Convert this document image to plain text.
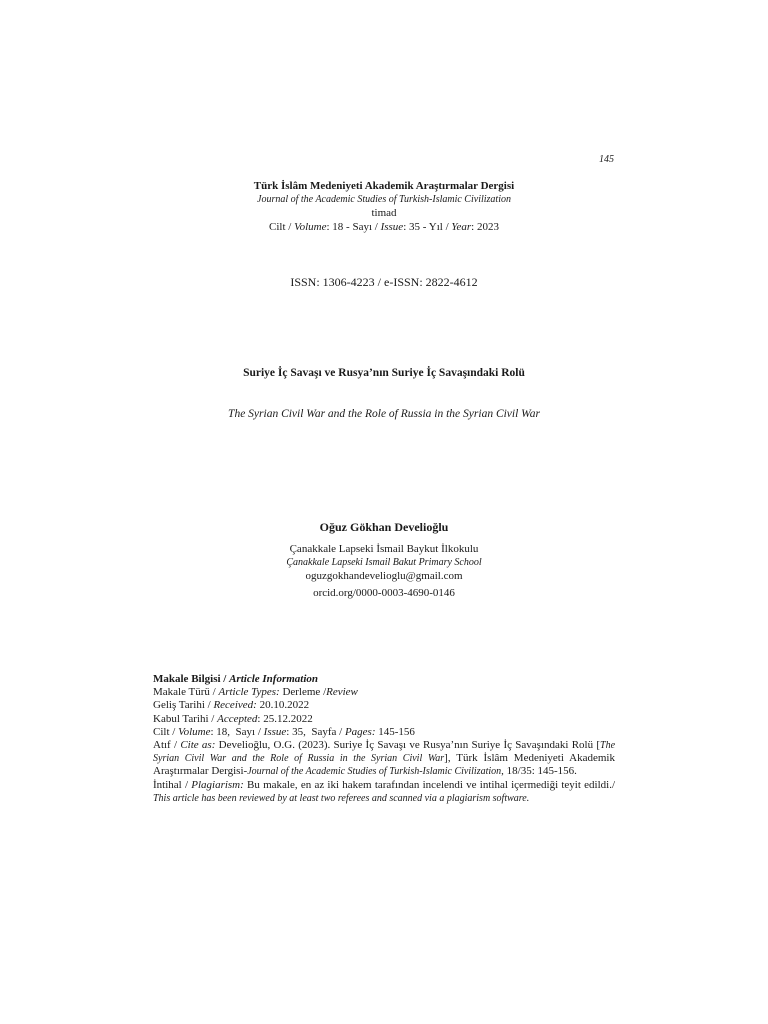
145
Türk İslâm Medeniyeti Akademik Araştırmalar Dergisi
Journal of the Academic Studies of Turkish-Islamic Civilization
timad
Cilt / Volume: 18 - Sayı / Issue: 35 - Yıl / Year: 2023
ISSN: 1306-4223 / e-ISSN: 2822-4612
Suriye İç Savaşı ve Rusya’nın Suriye İç Savaşındaki Rolü
The Syrian Civil War and the Role of Russia in the Syrian Civil War
Oğuz Gökhan Develioğlu
Çanakkale Lapseki İsmail Baykut İlkokulu
Çanakkale Lapseki Ismail Bakut Primary School
oguzgokhandevelioglu@gmail.com
orcid.org/0000-0003-4690-0146
Makale Bilgisi / Article Information
Makale Türü / Article Types: Derleme /Review
Geliş Tarihi / Received: 20.10.2022
Kabul Tarihi / Accepted: 25.12.2022
Cilt / Volume: 18, Sayı / Issue: 35, Sayfa / Pages: 145-156
Atıf / Cite as: Develioğlu, O.G. (2023). Suriye İç Savaşı ve Rusya’nın Suriye İç Savaşındaki Rolü [The Syrian Civil War and the Role of Russia in the Syrian Civil War], Türk İslâm Medeniyeti Akademik Araştırmalar Dergisi-Journal of the Academic Studies of Turkish-Islamic Civilization, 18/35: 145-156.
İntihal / Plagiarism: Bu makale, en az iki hakem tarafından incelendi ve intihal içermediği teyit edildi./ This article has been reviewed by at least two referees and scanned via a plagiarism software.
